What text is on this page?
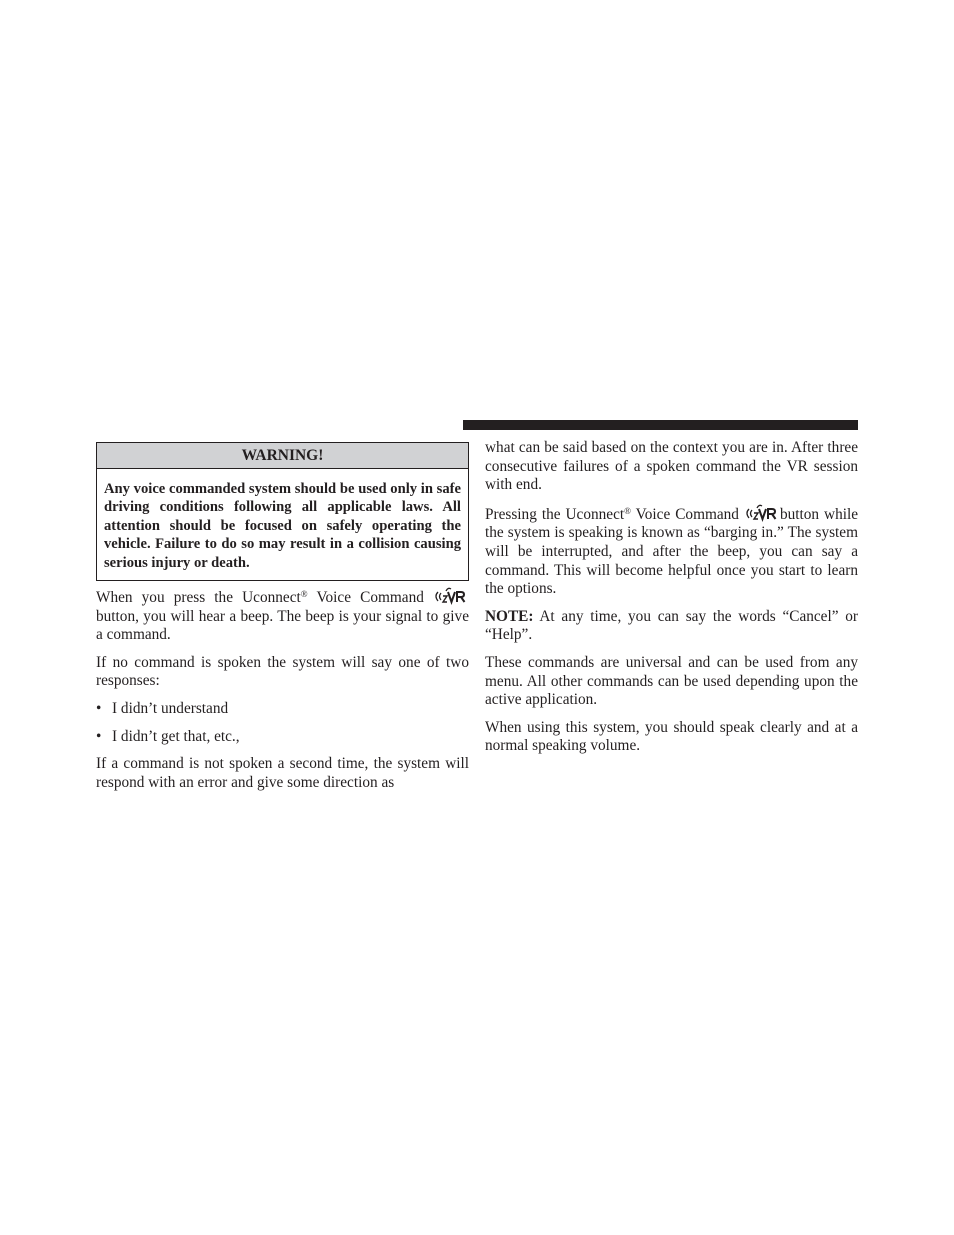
WARNING!
Any voice commanded system should be used only in safe driving conditions following all applicable laws. All attention should be focused on safely operating the vehicle. Failure to do so may result in a collision causing serious injury or death.

When you press the Uconnect® Voice Command button, you will hear a beep. The beep is your signal to give a command.

If no command is spoken the system will say one of two responses:

• I didn’t understand
• I didn’t get that, etc.,

If a command is not spoken a second time, the system will respond with an error and give some direction as

what can be said based on the context you are in. After three consecutive failures of a spoken command the VR session with end.

Pressing the Uconnect® Voice Command button while the system is speaking is known as “barging in.” The system will be interrupted, and after the beep, you can say a command. This will become helpful once you start to learn the options.

NOTE: At any time, you can say the words “Cancel” or “Help”.

These commands are universal and can be used from any menu. All other commands can be used depending upon the active application.

When using this system, you should speak clearly and at a normal speaking volume.
